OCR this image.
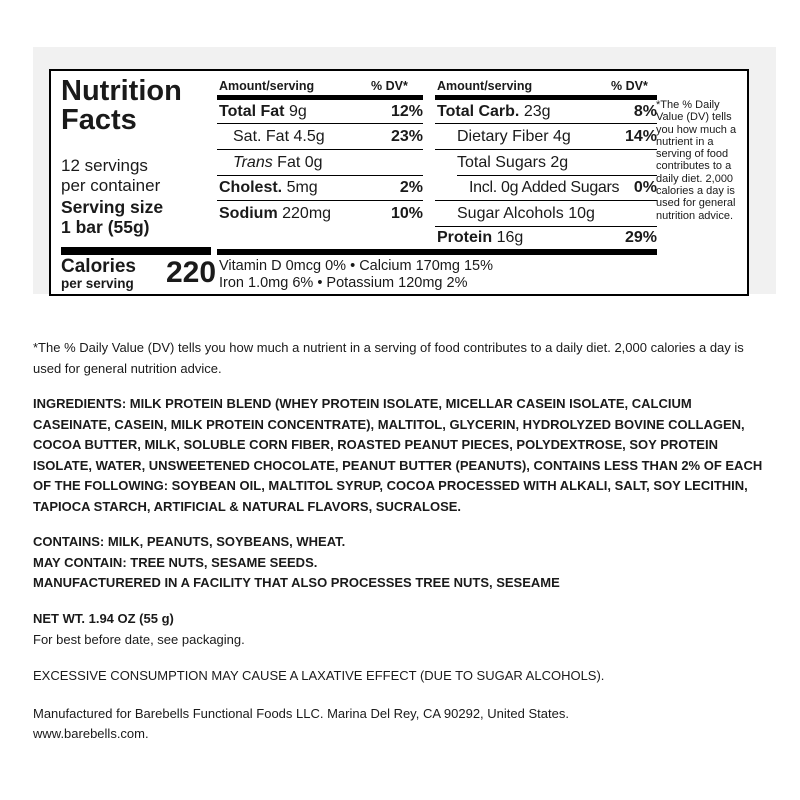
Nutrition
Facts
12 servings
per container
Serving size
1 bar (55g)
Calories
per serving 220
Amount/serving	% DV* Amount/serving	% DV*
Total Fat 9g	12%
Sat. Fat 4.5g	23%
Trans Fat 0g
Cholest. 5mg	2%
Sodium 220mg	10%
Total Carb. 23g	8%
Dietary Fiber 4g	14%
Total Sugars 2g
Incl. 0g Added Sugars 0%
Sugar Alcohols 10g
Protein 16g	29%
Vitamin D 0mcg 0% • Calcium 170mg 15%
Iron 1.0mg 6% • Potassium 120mg 2%
*The % Daily Value (DV) tells you how much a nutrient in a serving of food contributes to a daily diet. 2,000 calories a day is used for general nutrition advice.
*The % Daily Value (DV) tells you how much a nutrient in a serving of food contributes to a daily diet. 2,000 calories a day is used for general nutrition advice.
INGREDIENTS: MILK PROTEIN BLEND (WHEY PROTEIN ISOLATE, MICELLAR CASEIN ISOLATE, CALCIUM CASEINATE, CASEIN, MILK PROTEIN CONCENTRATE), MALTITOL, GLYCERIN, HYDROLYZED BOVINE COLLAGEN, COCOA BUTTER, MILK, SOLUBLE CORN FIBER, ROASTED PEANUT PIECES, POLYDEXTROSE, SOY PROTEIN ISOLATE, WATER, UNSWEETENED CHOCOLATE, PEANUT BUTTER (PEANUTS), CONTAINS LESS THAN 2% OF EACH OF THE FOLLOWING: SOYBEAN OIL, MALTITOL SYRUP, COCOA PROCESSED WITH ALKALI, SALT, SOY LECITHIN, TAPIOCA STARCH, ARTIFICIAL & NATURAL FLAVORS, SUCRALOSE.
CONTAINS: MILK, PEANUTS, SOYBEANS, WHEAT.
MAY CONTAIN: TREE NUTS, SESAME SEEDS.
MANUFACTURERED IN A FACILITY THAT ALSO PROCESSES TREE NUTS, SESEAME
NET WT. 1.94 OZ (55 g)
For best before date, see packaging.
EXCESSIVE CONSUMPTION MAY CAUSE A LAXATIVE EFFECT (DUE TO SUGAR ALCOHOLS).
Manufactured for Barebells Functional Foods LLC. Marina Del Rey, CA 90292, United States.
www.barebells.com.
